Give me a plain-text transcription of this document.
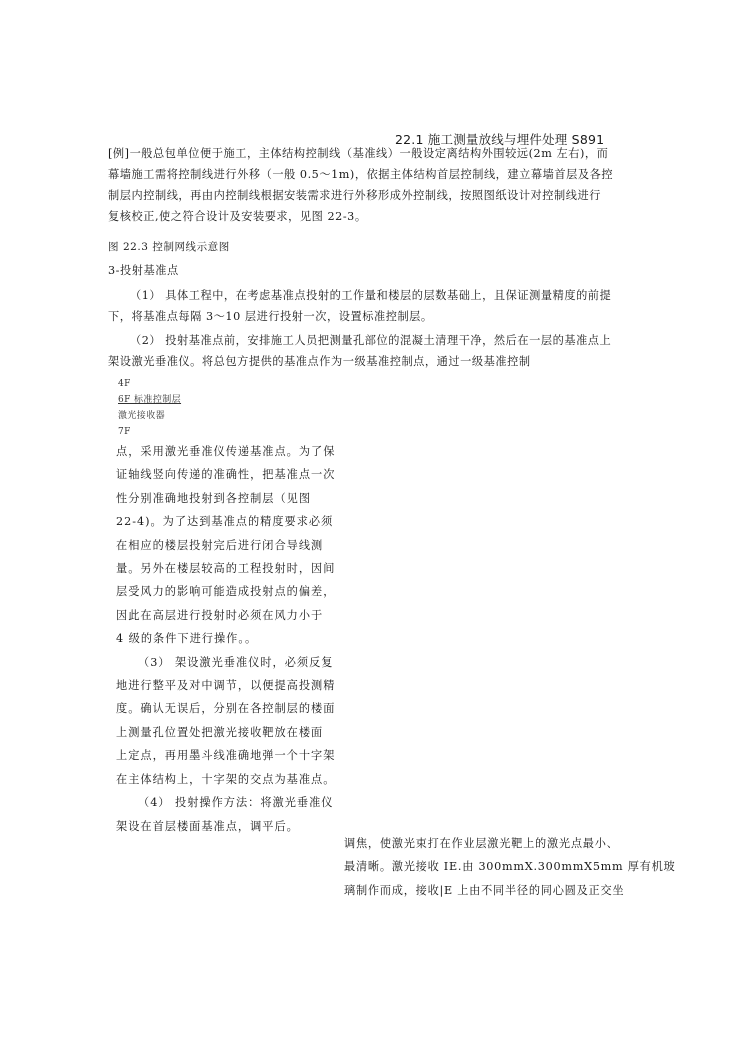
22.1 施工测量放线与埋件处理 S891
[例]一般总包单位便于施工，主体结构控制线（基准线）一般设定离结构外围较远(2m 左右)，而
幕墙施工需将控制线进行外移（一般 0.5～1m)，依据主体结构首层控制线，建立幕墙首层及各控
制层内控制线，再由内控制线根据安装需求进行外移形成外控制线，按照图纸设计对控制线进行
复核校正,使之符合设计及安装要求，见图 22-3。
图 22.3 控制网线示意图
3-投射基准点
（1） 具体工程中，在考虑基准点投射的工作量和楼层的层数基础上，且保证测量精度的前提
下，将基准点每隔 3～10 层进行投射一次，设置标准控制层。
（2） 投射基准点前，安排施工人员把测量孔部位的混凝土清理干净，然后在一层的基准点上
架设激光垂准仪。将总包方提供的基准点作为一级基准控制点，通过一级基准控制
4F
6F 标准控制层
激光接收器
7F
点，采用激光垂准仪传递基准点。为了保
证轴线竖向传递的准确性，把基准点一次
性分别准确地投射到各控制层（见图
22-4)。为了达到基准点的精度要求必须
在相应的楼层投射完后进行闭合导线测
量。另外在楼层较高的工程投射时，因间
层受风力的影响可能造成投射点的偏差，
因此在高层进行投射时必须在风力小于
4 级的条件下进行操作。。
（3） 架设激光垂准仪时，必须反复
地进行整平及对中调节，以便提高投测精
度。确认无误后，分别在各控制层的楼面
上测量孔位置处把激光接收靶放在楼面
上定点，再用墨斗线准确地弹一个十字架
在主体结构上，十字架的交点为基准点。
（4） 投射操作方法：将激光垂准仪
架设在首层楼面基准点，调平后。
调焦，使激光束打在作业层激光靶上的激光点最小、
最清晰。激光接收 IE.由 300mmX.300mmX5mm 厚有机玻
璃制作而成，接收|E 上由不同半径的同心圆及正交坐
